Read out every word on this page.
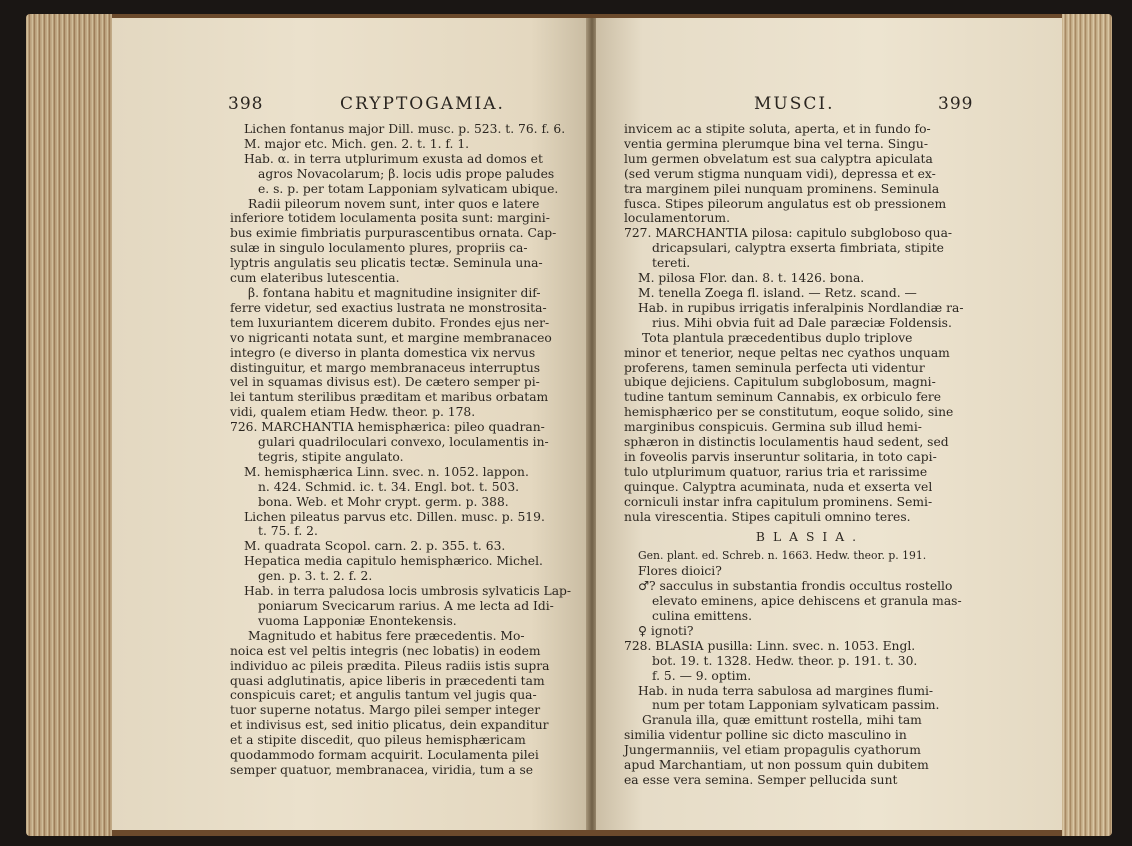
398	CRYPTOGAMIA.

Lichen fontanus major Dill. musc. p. 523. t. 76. f. 6.

M. major etc. Mich. gen. 2. t. 1. f. 1.

Hab. α. in terra utplurimum exusta ad domos et

agros Novacolarum; β. locis udis prope paludes

e. s. p. per totam Lapponiam sylvaticam ubique.

Radii pileorum novem sunt, inter quos e latere

inferiore totidem loculamenta posita sunt: margini-

bus eximie fimbriatis purpurascentibus ornata. Cap-

sulæ in singulo loculamento plures, propriis ca-

lyptris angulatis seu plicatis tectæ. Seminula una-

cum elateribus lutescentia.

β. fontana habitu et magnitudine insigniter dif-

ferre videtur, sed exactius lustrata ne monstrosita-

tem luxuriantem dicerem dubito. Frondes ejus ner-

vo nigricanti notata sunt, et margine membranaceo

integro (e diverso in planta domestica vix nervus

distinguitur, et margo membranaceus interruptus

vel in squamas divisus est). De cætero semper pi-

lei tantum sterilibus præditam et maribus orbatam

vidi, qualem etiam Hedw. theor. p. 178.

726. MARCHANTIA hemisphærica: pileo quadran-

gulari quadriloculari convexo, loculamentis in-

tegris, stipite angulato.

M. hemisphærica Linn. svec. n. 1052. lappon.

n. 424. Schmid. ic. t. 34. Engl. bot. t. 503.

bona. Web. et Mohr crypt. germ. p. 388.

Lichen pileatus parvus etc. Dillen. musc. p. 519.

t. 75. f. 2.

M. quadrata Scopol. carn. 2. p. 355. t. 63.

Hepatica media capitulo hemisphærico. Michel.

gen. p. 3. t. 2. f. 2.

Hab. in terra paludosa locis umbrosis sylvaticis Lap-

poniarum Svecicarum rarius. A me lecta ad Idi-

vuoma Lapponiæ Enontekensis.

Magnitudo et habitus fere præcedentis. Mo-

noica est vel peltis integris (nec lobatis) in eodem

individuo ac pileis prædita. Pileus radiis istis supra

quasi adglutinatis, apice liberis in præcedenti tam

conspicuis caret; et angulis tantum vel jugis qua-

tuor superne notatus. Margo pilei semper integer

et indivisus est, sed initio plicatus, dein expanditur

et a stipite discedit, quo pileus hemisphæricam

quodammodo formam acquirit. Loculamenta pilei

semper quatuor, membranacea, viridia, tum a se

MUSCI.	399

invicem ac a stipite soluta, aperta, et in fundo fo-

ventia germina plerumque bina vel terna. Singu-

lum germen obvelatum est sua calyptra apiculata

(sed verum stigma nunquam vidi), depressa et ex-

tra marginem pilei nunquam prominens. Seminula

fusca. Stipes pileorum angulatus est ob pressionem

loculamentorum.

727. MARCHANTIA pilosa: capitulo subgloboso qua-

dricapsulari, calyptra exserta fimbriata, stipite

tereti.

M. pilosa Flor. dan. 8. t. 1426. bona.

M. tenella Zoega fl. island. — Retz. scand. —

Hab. in rupibus irrigatis inferalpinis Nordlandiæ ra-

rius. Mihi obvia fuit ad Dale paræciæ Foldensis.

Tota plantula præcedentibus duplo triplove

minor et tenerior, neque peltas nec cyathos unquam

proferens, tamen seminula perfecta uti videntur

ubique dejiciens. Capitulum subglobosum, magni-

tudine tantum seminum Cannabis, ex orbiculo fere

hemisphærico per se constitutum, eoque solido, sine

marginibus conspicuis. Germina sub illud hemi-

sphæron in distinctis loculamentis haud sedent, sed

in foveolis parvis inseruntur solitaria, in toto capi-

tulo utplurimum quatuor, rarius tria et rarissime

quinque. Calyptra acuminata, nuda et exserta vel

corniculi instar infra capitulum prominens. Semi-

nula virescentia. Stipes capituli omnino teres.

BLASIA.

Gen. plant. ed. Schreb. n. 1663. Hedw. theor. p. 191.

Flores dioici?

♂? sacculus in substantia frondis occultus rostello

elevato eminens, apice dehiscens et granula mas-

culina emittens.

♀ ignoti?

728. BLASIA pusilla: Linn. svec. n. 1053. Engl.

bot. 19. t. 1328. Hedw. theor. p. 191. t. 30.

f. 5. — 9. optim.

Hab. in nuda terra sabulosa ad margines flumi-

num per totam Lapponiam sylvaticam passim.

Granula illa, quæ emittunt rostella, mihi tam

similia videntur polline sic dicto masculino in

Jungermanniis, vel etiam propagulis cyathorum

apud Marchantiam, ut non possum quin dubitem

ea esse vera semina. Semper pellucida sunt
